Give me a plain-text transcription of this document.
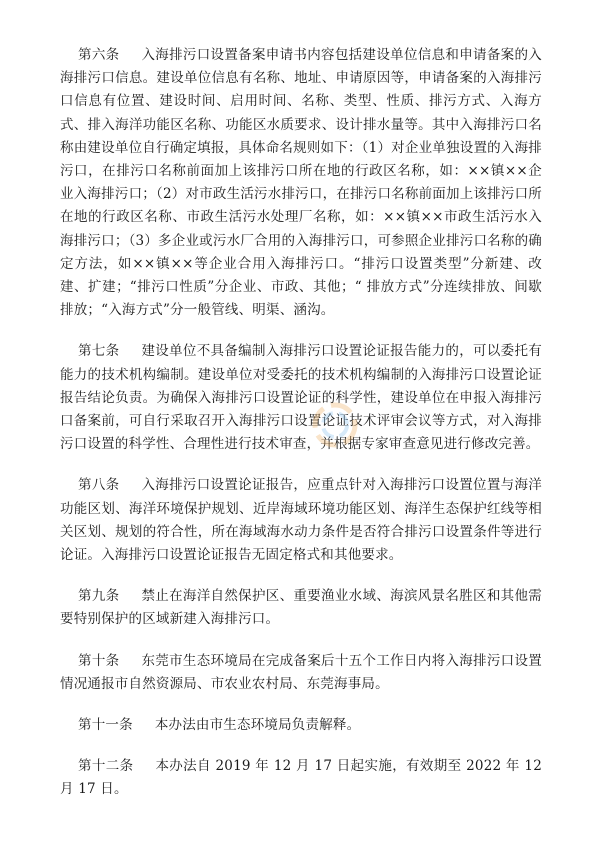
第六条 入海排污口设置备案申请书内容包括建设单位信息和申请备案的入海排污口信息。建设单位信息有名称、地址、申请原因等，申请备案的入海排污口信息有位置、建设时间、启用时间、名称、类型、性质、排污方式、入海方式、排入海洋功能区名称、功能区水质要求、设计排水量等。其中入海排污口名称由建设单位自行确定填报，具体命名规则如下：（1）对企业单独设置的入海排污口，在排污口名称前面加上该排污口所在地的行政区名称，如：××镇××企业入海排污口；（2）对市政生活污水排污口，在排污口名称前面加上该排污口所在地的行政区名称、市政生活污水处理厂名称，如：××镇××市政生活污水入海排污口；（3）多企业或污水厂合用的入海排污口，可参照企业排污口名称的确定方法，如××镇××等企业合用入海排污口。“排污口设置类型”分新建、改建、扩建；“排污口性质”分企业、市政、其他；“ 排放方式”分连续排放、间歇排放；“入海方式”分一般管线、明渠、涵沟。

第七条 建设单位不具备编制入海排污口设置论证报告能力的，可以委托有能力的技术机构编制。建设单位对受委托的技术机构编制的入海排污口设置论证报告结论负责。为确保入海排污口设置论证的科学性，建设单位在申报入海排污口备案前，可自行采取召开入海排污口设置论证技术评审会议等方式，对入海排污口设置的科学性、合理性进行技术审查，并根据专家审查意见进行修改完善。

第八条 入海排污口设置论证报告，应重点针对入海排污口设置位置与海洋功能区划、海洋环境保护规划、近岸海域环境功能区划、海洋生态保护红线等相关区划、规划的符合性，所在海域海水动力条件是否符合排污口设置条件等进行论证。入海排污口设置论证报告无固定格式和其他要求。

第九条 禁止在海洋自然保护区、重要渔业水域、海滨风景名胜区和其他需要特别保护的区域新建入海排污口。

第十条 东莞市生态环境局在完成备案后十五个工作日内将入海排污口设置情况通报市自然资源局、市农业农村局、东莞海事局。

第十一条 本办法由市生态环境局负责解释。

第十二条 本办法自 2019 年 12 月 17 日起实施，有效期至 2022 年 12 月 17 日。
